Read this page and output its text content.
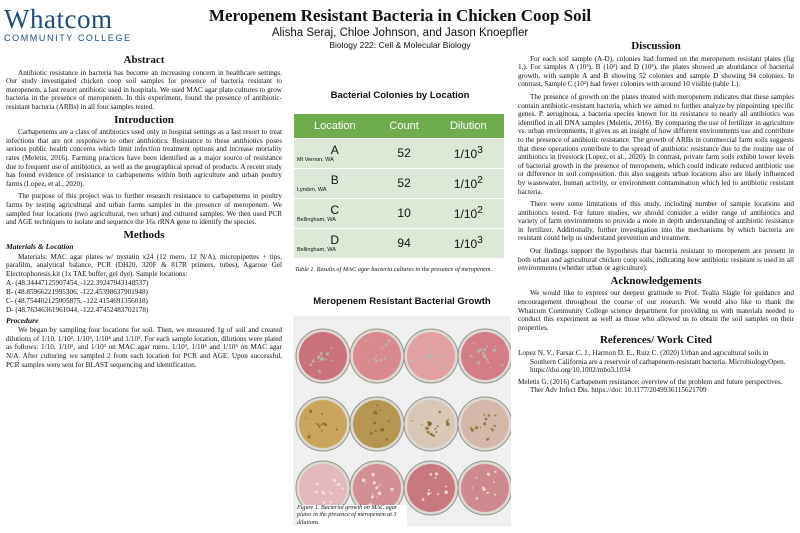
Whatcom
COMMUNITY COLLEGE
Meropenem Resistant Bacteria in Chicken Coop Soil
Alisha Seraj, Chloe Johnson, and Jason Knoepfler
Biology 222: Cell & Molecular Biology
Abstract

Antibiotic resistance in bacteria has become an increasing concern in healthcare settings. Our study investigated chicken coop soil samples for presence of bacteria resistant to meropenem, a last resort antibiotic used in hospitals. We used MAC agar plate cultures to grow bacteria in the presence of meropenem. In this experiment, found the presence of antibiotic-resistant bacteria (ARBs) in all four samples tested.

Introduction

Carbapenems are a class of antibiotics used only in hospital settings as a last resort to treat infections that are not responsive to other antibiotics. Resistance to these antibiotics poses serious public health concerns which limit infection treatment options and increase mortality rates (Meletis, 2016). Farming practices have been identified as a major source of resistance due to frequent use of antibiotics, as well as the geographical spread of products. A recent study has found evidence of resistance to carbapenems within both agriculture and urban poultry farms (Lopez, et al., 2020).

The purpose of this project was to further research resistance to carbapenems in poultry farms by testing agricultural and urban farms samples in the presence of meropenem. We sampled four locations (two agricultural, two urban) and cultured samples. We then used PCR and AGE techniques to isolate and sequence the 16s rRNA gene to identify the species.

Methods
Materials & Location

Materials: MAC agar plates w/ nystatin x24 (12 mero, 12 N/A), micropipettes + tips, parafilm, analytical balance, PCR (DH20, 320F & 817R primers, tubes), Agarose Gel Electrophoresis kit (1x TAE buffer, gel dye). Sample locations:

A- (48.34447125907454, -122.39247943148537)
B- (48.85966221995306, -122.45398637901948)
C- (48.754402125005875, -122.4154691356018)
D- (48.76346361961044, -122.47452483702178)
Procedure

We began by sampling four locations for soil. Then, we measured 1g of soil and created dilutions of 1/10, 1/10², 1/10³, 1/10⁴ and 1/10⁵. For each sample location, dilutions were plated as follows: 1/10, 1/10², and 1/10³ on MAC agar mero. 1/10³, 1/10⁴ and 1/10⁵ on MAC agar N/A. After culturing we sampled 2 from each location for PCR and AGE. Upon successful, PCR samples were sent for BLAST sequencing and identification.

Bacterial Colonies by Location
Location	Count	Dilution
A
Mt Vernon, WA	52	$1/10^3$
B
Lynden, WA	52	$1/10^2$
C
Bellingham, WA	10	$1/10^2$
D
Bellingham, WA	94	$1/10^3$
Table 1. Results of MAC agar bacteria cultures in the presence of meropenem.
Meropenem Resistant Bacterial Growth
Figure 1. Bacterial growth on MAC agar plates in the presence of meropenem at 3 dilutions.
Discussion

For each soil sample (A-D), colonies had formed on the meropenem resistant plates (fig 1.). For samples A (10³), B (10²) and D (10³), the plates showed an abundance of bacterial growth, with sample A and B showing 52 colonies and sample D showing 94 colonies. In contrast, Sample C (10²) had fewer colonies with around 10 visible (table 1.).

The presence of growth on the plates treated with meropenem indicates that these samples contain antibiotic-resistant bacteria, which we aimed to further analyze by pinpointing specific genes. P. aeruginosa, a bacteria species known for its resistance to nearly all antibiotics was identified in all DNA samples (Meletis, 2016). By comparing the use of fertilizer in agriculture vs. urban environments, it gives us an insight of how different environments use and contribute to the presence of antibiotic resistance. The growth of ARBs in commercial farm soils suggests that these operations contribute to the spread of antibiotic resistance due to the routine use of antibiotics in livestock (Lopez, et al., 2020). In contrast, private farm soils exhibit lower levels of bacterial growth in the presence of meropenem, which could indicate reduced antibiotic use or difference in soil composition. this also suggests urban locations also are likely influenced by wastewater, human activity, or environment contamination which led to antibiotic resistant bacteria.

There were some limitations of this study, including number of sample locations and antibiotics tested. For future studies, we should consider a wider range of antibiotics and variety of farm environments to provide a more in depth understanding of antibiotic resistance in fertilizer. Additionally, further investigation into the mechanisms by which bacteria are resistant could help us understand prevention and treatment.

Our findings support the hypothesis that bacteria resistant to meropenem are present in both urban and agricultural chicken coop soils, indicating how antibiotic resistant is used in all environments (whether urban or agriculture).

Acknowledgements

We would like to express our deepest gratitude to Prof. Tealia Slagle for guidance and encouragement throughout the course of our research. We would also like to thank the Whatcom Community College science department for providing us with materials needed to conduct this experiment as well as those who allowed us to obtain the soil samples on their properties.

References/ Work Cited
Lopez N. V., Farsar C. J., Harmon D. E., Ruiz C. (2020) Urban and agricultural soils in Southern California are a reservoir of carbapenem-resistant bacteria. MicrobiologyOpen. https://doi.org/10.1002/mbo3.1034
Meletis G. (2016) Carbapenem resistance: overview of the problem and future perspectives. Ther Adv Infect Dis. https://doi: 10.1177/2049936115621709
